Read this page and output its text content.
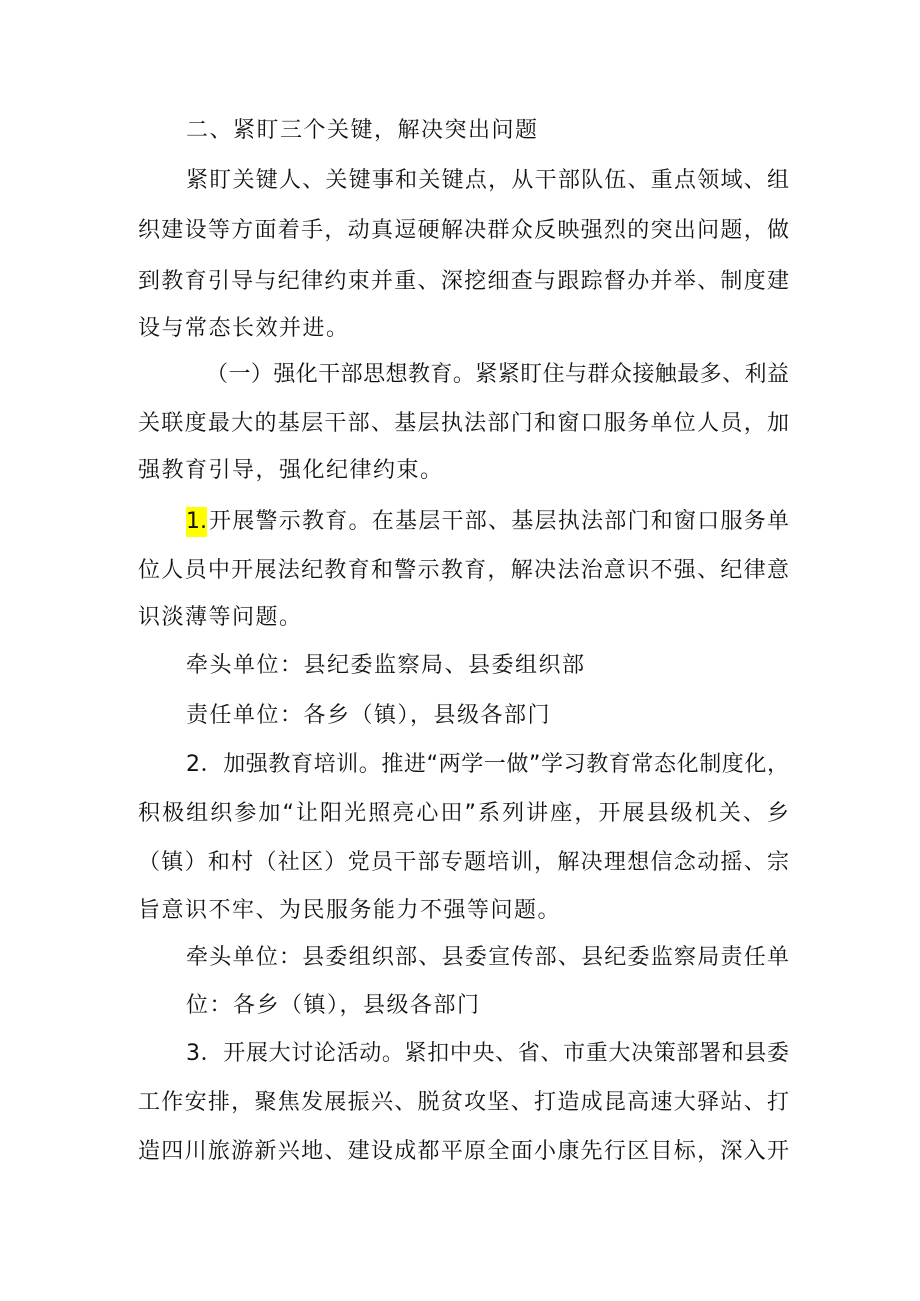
二、紧盯三个关键，解决突出问题
紧盯关键人、关键事和关键点，从干部队伍、重点领域、组
织建设等方面着手，动真逗硬解决群众反映强烈的突出问题，做
到教育引导与纪律约束并重、深挖细查与跟踪督办并举、制度建
设与常态长效并进。
（一）强化干部思想教育。紧紧盯住与群众接触最多、利益
关联度最大的基层干部、基层执法部门和窗口服务单位人员，加
强教育引导，强化纪律约束。
1. 开展警示教育。在基层干部、基层执法部门和窗口服务单
位人员中开展法纪教育和警示教育，解决法治意识不强、纪律意
识淡薄等问题。
牵头单位：县纪委监察局、县委组织部
责任单位：各乡（镇），县级各部门
2．加强教育培训。推进“两学一做”学习教育常态化制度化，
积极组织参加“让阳光照亮心田”系列讲座，开展县级机关、乡
（镇）和村（社区）党员干部专题培训，解决理想信念动摇、宗
旨意识不牢、为民服务能力不强等问题。
牵头单位：县委组织部、县委宣传部、县纪委监察局责任单
位：各乡（镇），县级各部门
3．开展大讨论活动。紧扣中央、省、市重大决策部署和县委
工作安排，聚焦发展振兴、脱贫攻坚、打造成昆高速大驿站、打
造四川旅游新兴地、建设成都平原全面小康先行区目标，深入开
